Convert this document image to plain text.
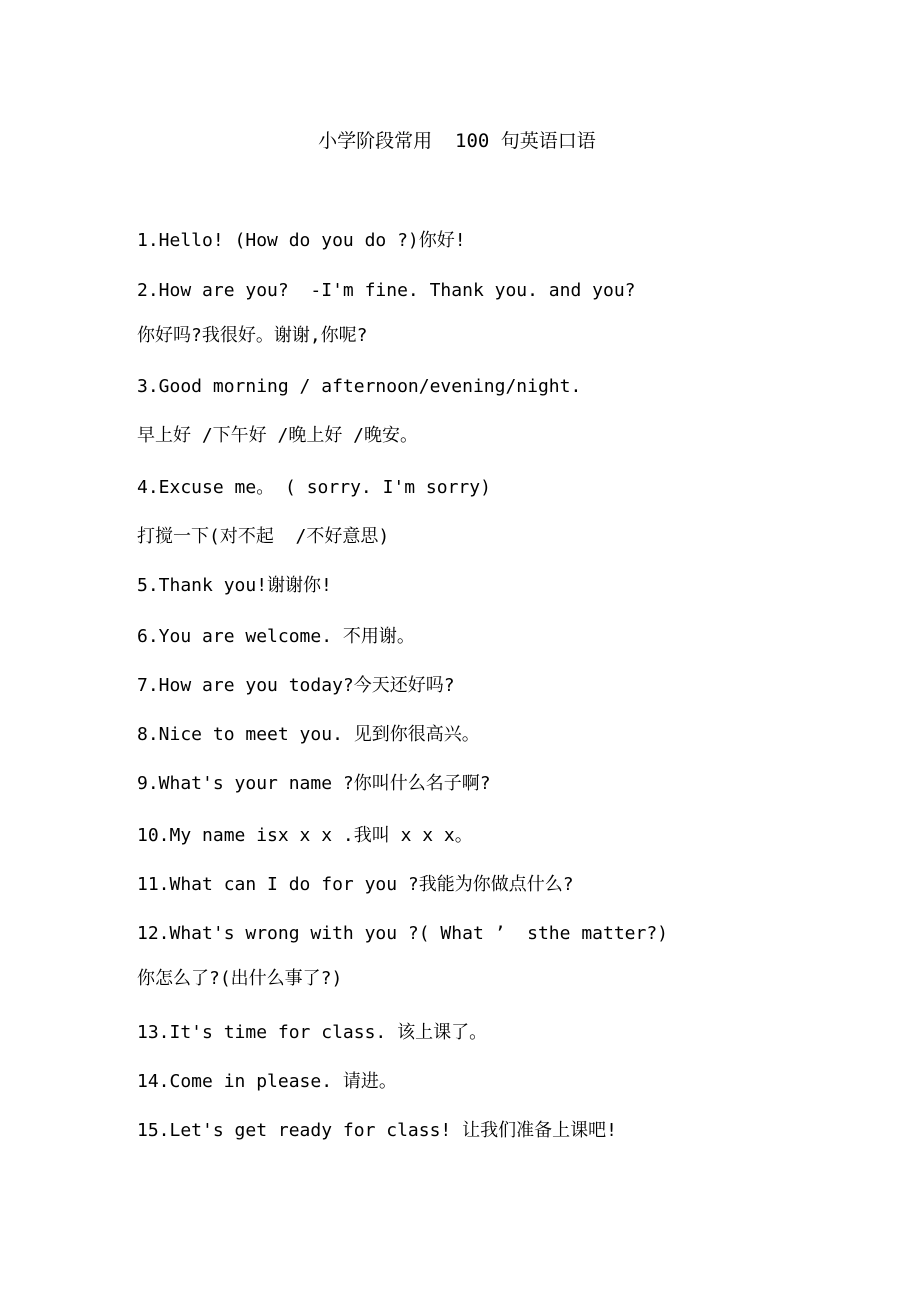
小学阶段常用  100 句英语口语
1.Hello! (How do you do ?)你好!
2.How are you?  -I'm fine. Thank you. and you?
你好吗?我很好。谢谢,你呢?
3.Good morning / afternoon/evening/night.
早上好 /下午好 /晚上好 /晚安。
4.Excuse me。 ( sorry. I'm sorry)
打搅一下(对不起  /不好意思)
5.Thank you!谢谢你!
6.You are welcome. 不用谢。
7.How are you today?今天还好吗?
8.Nice to meet you. 见到你很高兴。
9.What's your name ?你叫什么名子啊?
10.My name isx x x .我叫 x x x。
11.What can I do for you ?我能为你做点什么?
12.What's wrong with you ?( What ’  sthe matter?)
你怎么了?(出什么事了?)
13.It's time for class. 该上课了。
14.Come in please. 请进。
15.Let's get ready for class! 让我们准备上课吧!
